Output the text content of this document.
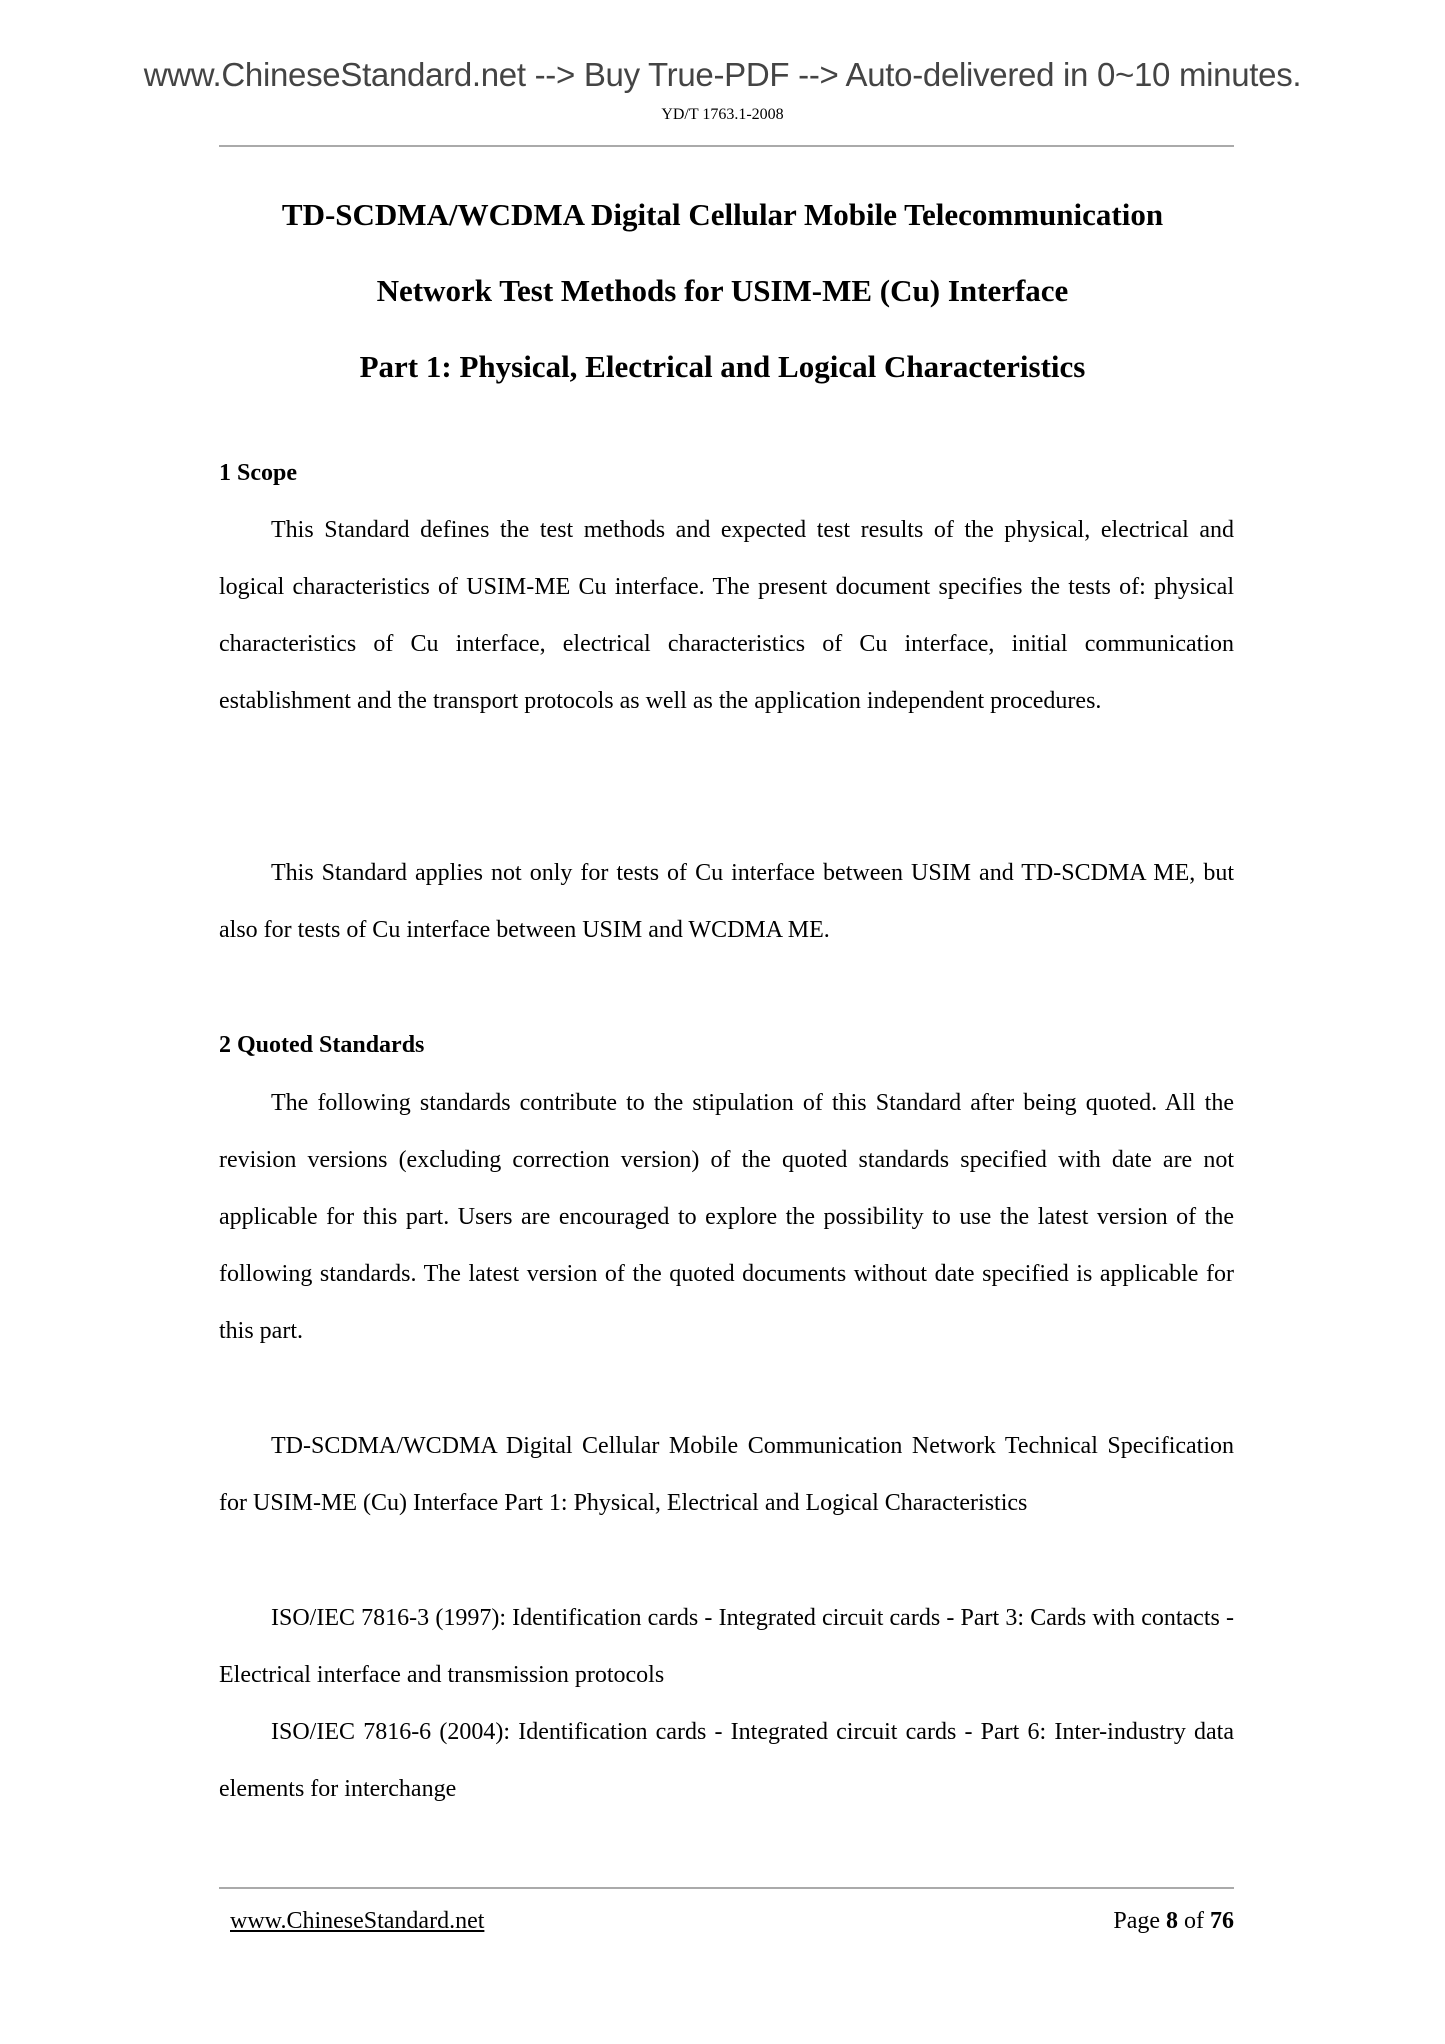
www.ChineseStandard.net --> Buy True-PDF --> Auto-delivered in 0~10 minutes.
YD/T 1763.1-2008
TD-SCDMA/WCDMA Digital Cellular Mobile Telecommunication
Network Test Methods for USIM-ME (Cu) Interface
Part 1: Physical, Electrical and Logical Characteristics
1 Scope

This Standard defines the test methods and expected test results of the physical, electrical and logical characteristics of USIM-ME Cu interface. The present document specifies the tests of: physical characteristics of Cu interface, electrical characteristics of Cu interface, initial communication establishment and the transport protocols as well as the application independent procedures.

This Standard applies not only for tests of Cu interface between USIM and TD-SCDMA ME, but also for tests of Cu interface between USIM and WCDMA ME.

2 Quoted Standards

The following standards contribute to the stipulation of this Standard after being quoted. All the revision versions (excluding correction version) of the quoted standards specified with date are not applicable for this part. Users are encouraged to explore the possibility to use the latest version of the following standards. The latest version of the quoted documents without date specified is applicable for this part.

TD-SCDMA/WCDMA Digital Cellular Mobile Communication Network Technical Specification for USIM-ME (Cu) Interface Part 1: Physical, Electrical and Logical Characteristics

ISO/IEC 7816-3 (1997): Identification cards - Integrated circuit cards - Part 3: Cards with contacts - Electrical interface and transmission protocols

ISO/IEC 7816-6 (2004): Identification cards - Integrated circuit cards - Part 6: Inter-industry data elements for interchange

www.ChineseStandard.net	Page 8 of 76
